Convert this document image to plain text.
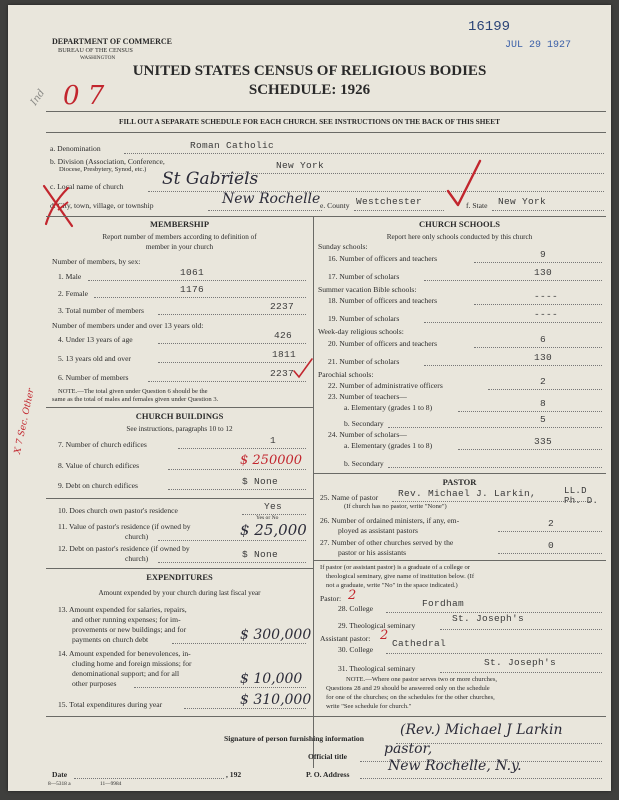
DEPARTMENT OF COMMERCE
BUREAU OF THE CENSUS
WASHINGTON
16199
JUL 29 1927
UNITED STATES CENSUS OF RELIGIOUS BODIES
SCHEDULE: 1926
FILL OUT A SEPARATE SCHEDULE FOR EACH CHURCH. SEE INSTRUCTIONS ON THE BACK OF THIS SHEET
0 7
Ind
a. Denomination	Roman Catholic
b. Division (Association, Conference,
Diocese, Presbytery, Synod, etc.)	New York
c. Local name of church St Gabriels
d. City, town, village, or township	New Rochelle e. County Westchester	f. State New York
MEMBERSHIP
Report number of members according to definition of
member in your church
Number of members, by sex:
1. Male	1061
2. Female	1176
3. Total number of members	2237
Number of members under and over 13 years old:
4. Under 13 years of age	426
5. 13 years old and over	1811
6. Number of members	2237
NOTE.—The total given under Question 6 should be the
same as the total of males and females given under Question 3.
CHURCH BUILDINGS
See instructions, paragraphs 10 to 12
7. Number of church edifices	1
8. Value of church edifices	$ 250000
9. Debt on church edifices	$ None
10. Does church own pastor's residence	Yes
Yes or No
11. Value of pastor's residence (if owned by
church)	$ 25,000
12. Debt on pastor's residence (if owned by
church)	$ None
EXPENDITURES
Amount expended by your church during last fiscal year
13. Amount expended for salaries, repairs,
and other running expenses; for im-
provements or new buildings; and for
payments on church debt	$ 300,000
14. Amount expended for benevolences, in-
cluding home and foreign missions; for
denominational support; and for all
other purposes	$ 10,000
15. Total expenditures during year	$ 310,000
X 7 Sec. Other
CHURCH SCHOOLS
Report here only schools conducted by this church
Sunday schools:
16. Number of officers and teachers	9
17. Number of scholars	130
Summer vacation Bible schools:
18. Number of officers and teachers	----
19. Number of scholars	----
Week-day religious schools:
20. Number of officers and teachers	6
21. Number of scholars	130
Parochial schools:
22. Number of administrative officers	2
23. Number of teachers—
a. Elementary (grades 1 to 8)	8
b. Secondary	5
24. Number of scholars—
a. Elementary (grades 1 to 8)	335
b. Secondary
PASTOR
25. Name of pastor Rev. Michael J. Larkin,	LL.D
Ph. D.
(If church has no pastor, write "None")
26. Number of ordained ministers, if any, em-
ployed as assistant pastors
2
27. Number of other churches served by the
pastor or his assistants
0
If pastor (or assistant pastor) is a graduate of a college or
theological seminary, give name of institution below. (If
not a graduate, write "No" in the space indicated.)
Pastor: 2
28. College	Fordham
29. Theological seminary
St. Joseph's
Assistant pastor: 2
30. College
Cathedral
31. Theological seminary
St. Joseph's
NOTE.—Where one pastor serves two or more churches,
Questions 28 and 29 should be answered only on the schedule
for one of the churches; on the schedules for the other churches,
write "See schedule for church."
Signature of person furnishing information
(Rev.) Michael J Larkin
Official title	pastor,
Date	, 192	P. O. Address
New Rochelle, N.y.
8—5318 a	11—9984
